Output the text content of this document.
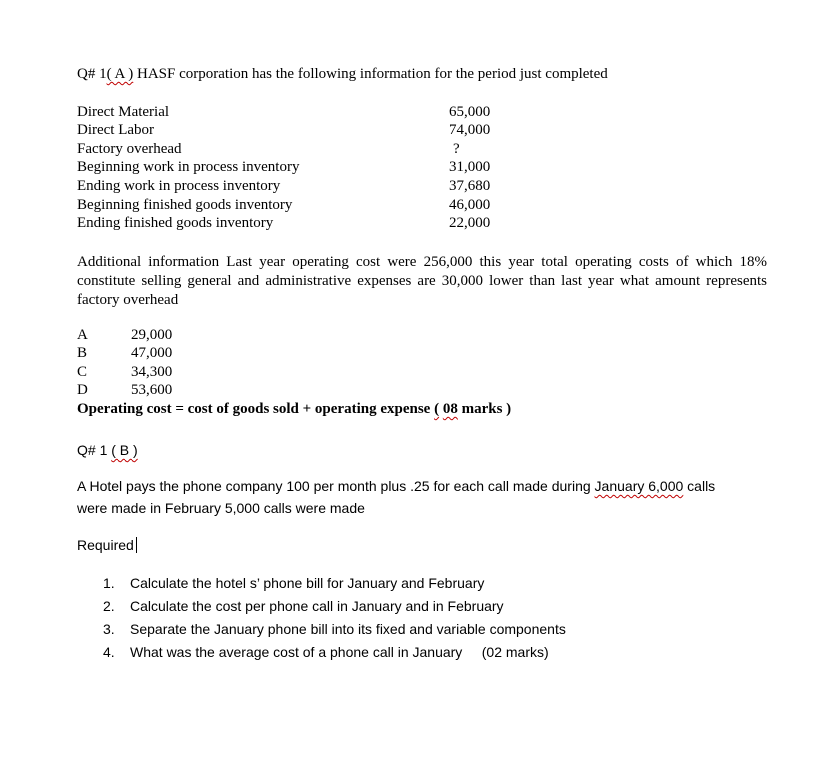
Q# 1( A ) HASF corporation has the following information for the period just completed
Direct Material	65,000
Direct Labor	74,000
Factory overhead	?
Beginning work in process inventory	31,000
Ending work in process inventory	37,680
Beginning finished goods inventory	46,000
Ending finished goods inventory	22,000
Additional information Last year operating cost were 256,000 this year total operating costs of which 18% constitute selling general and administrative expenses are 30,000 lower than last year what amount represents factory overhead
A	29,000
B	47,000
C	34,300
D	53,600
Operating cost = cost of goods sold + operating expense ( 08 marks )
Q# 1 ( B )
A Hotel pays the phone company 100 per month plus .25 for each call made during January 6,000 calls
were made in February 5,000 calls were made
Required
1. Calculate the hotel s’ phone bill for January and February
2. Calculate the cost per phone call in January and in February
3. Separate the January phone bill into its fixed and variable components
4. What was the average cost of a phone call in January     (02 marks)
